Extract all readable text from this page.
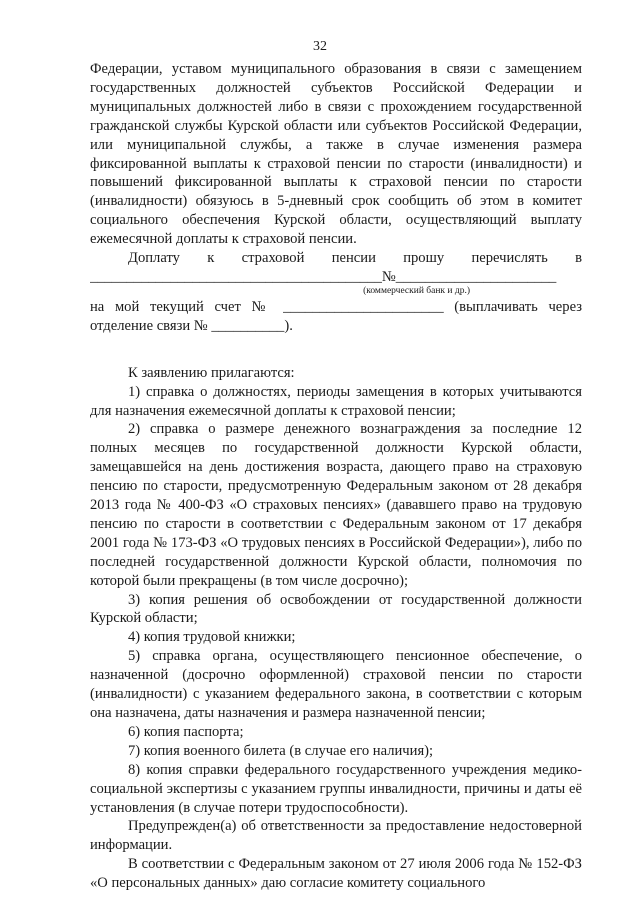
32

Федерации, уставом муниципального образования в связи с замещением государственных должностей субъектов Российской Федерации и муниципальных должностей либо в связи с прохождением государственной гражданской службы Курской области или субъектов Российской Федерации, или муниципальной службы, а также в случае изменения размера фиксированной выплаты к страховой пенсии по старости (инвалидности) и повышений фиксированной выплаты к страховой пенсии по старости (инвалидности) обязуюсь в 5-дневный срок сообщить об этом в комитет социального обеспечения Курской области, осуществляющий выплату ежемесячной доплаты к страховой пенсии.

Доплату к страховой пенсии прошу перечислять в

________________________________________№______________________
(коммерческий банк и др.)

на мой текущий счет № ______________________ (выплачивать через отделение связи № __________).

К заявлению прилагаются:

1) справка о должностях, периоды замещения в которых учитываются для назначения ежемесячной доплаты к страховой пенсии;

2) справка о размере денежного вознаграждения за последние 12 полных месяцев по государственной должности Курской области, замещавшейся на день достижения возраста, дающего право на страховую пенсию по старости, предусмотренную Федеральным законом от 28 декабря 2013 года № 400-ФЗ «О страховых пенсиях» (дававшего право на трудовую пенсию по старости в соответствии с Федеральным законом от 17 декабря 2001 года № 173-ФЗ «О трудовых пенсиях в Российской Федерации»), либо по последней государственной должности Курской области, полномочия по которой были прекращены (в том числе досрочно);

3) копия решения об освобождении от государственной должности Курской области;

4) копия трудовой книжки;

5) справка органа, осуществляющего пенсионное обеспечение, о назначенной (досрочно оформленной) страховой пенсии по старости (инвалидности) с указанием федерального закона, в соответствии с которым она назначена, даты назначения и размера назначенной пенсии;

6) копия паспорта;

7) копия военного билета (в случае его наличия);

8) копия справки федерального государственного учреждения медико-социальной экспертизы с указанием группы инвалидности, причины и даты её установления (в случае потери трудоспособности).

Предупрежден(а) об ответственности за предоставление недостоверной информации.

В соответствии с Федеральным законом от 27 июля 2006 года № 152-ФЗ «О персональных данных» даю согласие комитету социального
